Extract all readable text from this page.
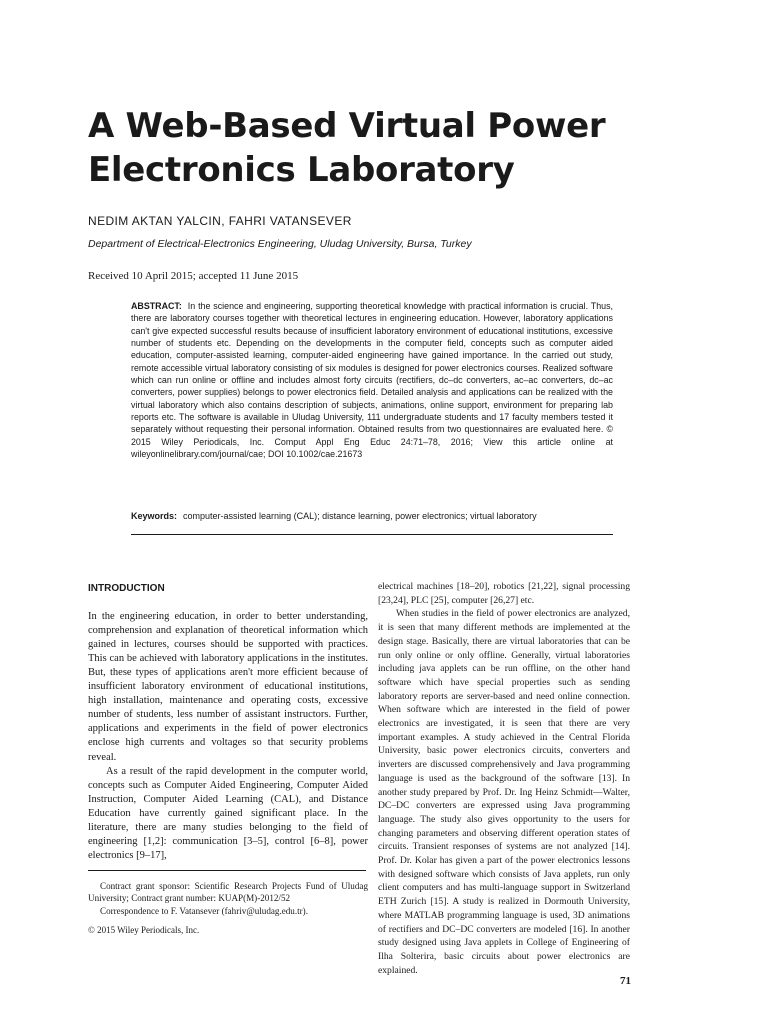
A Web-Based Virtual Power
Electronics Laboratory
NEDIM AKTAN YALCIN, FAHRI VATANSEVER
Department of Electrical-Electronics Engineering, Uludag University, Bursa, Turkey
Received 10 April 2015; accepted 11 June 2015

ABSTRACT: In the science and engineering, supporting theoretical knowledge with practical information is crucial. Thus, there are laboratory courses together with theoretical lectures in engineering education. However, laboratory applications can't give expected successful results because of insufficient laboratory environment of educational institutions, excessive number of students etc. Depending on the developments in the computer field, concepts such as computer aided education, computer-assisted learning, computer-aided engineering have gained importance. In the carried out study, remote accessible virtual laboratory consisting of six modules is designed for power electronics courses. Realized software which can run online or offline and includes almost forty circuits (rectifiers, dc–dc converters, ac–ac converters, dc–ac converters, power supplies) belongs to power electronics field. Detailed analysis and applications can be realized with the virtual laboratory which also contains description of subjects, animations, online support, environment for preparing lab reports etc. The software is available in Uludag University, 111 undergraduate students and 17 faculty members tested it separately without requesting their personal information. Obtained results from two questionnaires are evaluated here. © 2015 Wiley Periodicals, Inc. Comput Appl Eng Educ 24:71–78, 2016; View this article online at wileyonlinelibrary.com/journal/cae; DOI 10.1002/cae.21673

Keywords: computer-assisted learning (CAL); distance learning, power electronics; virtual laboratory

INTRODUCTION

In the engineering education, in order to better understanding, comprehension and explanation of theoretical information which gained in lectures, courses should be supported with practices. This can be achieved with laboratory applications in the institutes. But, these types of applications aren't more efficient because of insufficient laboratory environment of educational institutions, high installation, maintenance and operating costs, excessive number of students, less number of assistant instructors. Further, applications and experiments in the field of power electronics enclose high currents and voltages so that security problems reveal.

As a result of the rapid development in the computer world, concepts such as Computer Aided Engineering, Computer Aided Instruction, Computer Aided Learning (CAL), and Distance Education have currently gained significant place. In the literature, there are many studies belonging to the field of engineering [1,2]: communication [3–5], control [6–8], power electronics [9–17],

electrical machines [18–20], robotics [21,22], signal processing [23,24], PLC [25], computer [26,27] etc.

When studies in the field of power electronics are analyzed, it is seen that many different methods are implemented at the design stage. Basically, there are virtual laboratories that can be run only online or only offline. Generally, virtual laboratories including java applets can be run offline, on the other hand software which have special properties such as sending laboratory reports are server-based and need online connection. When software which are interested in the field of power electronics are investigated, it is seen that there are very important examples. A study achieved in the Central Florida University, basic power electronics circuits, converters and inverters are discussed comprehensively and Java programming language is used as the background of the software [13]. In another study prepared by Prof. Dr. Ing Heinz Schmidt—Walter, DC–DC converters are expressed using Java programming language. The study also gives opportunity to the users for changing parameters and observing different operation states of circuits. Transient responses of systems are not analyzed [14]. Prof. Dr. Kolar has given a part of the power electronics lessons with designed software which consists of Java applets, run only client computers and has multi-language support in Switzerland ETH Zurich [15]. A study is realized in Dormouth University, where MATLAB programming language is used, 3D animations of rectifiers and DC–DC converters are modeled [16]. In another study designed using Java applets in College of Engineering of Ilha Solterira, basic circuits about power electronics are explained.

Contract grant sponsor: Scientific Research Projects Fund of Uludag University; Contract grant number: KUAP(M)-2012/52
Correspondence to F. Vatansever (fahriv@uludag.edu.tr).
© 2015 Wiley Periodicals, Inc.
71
